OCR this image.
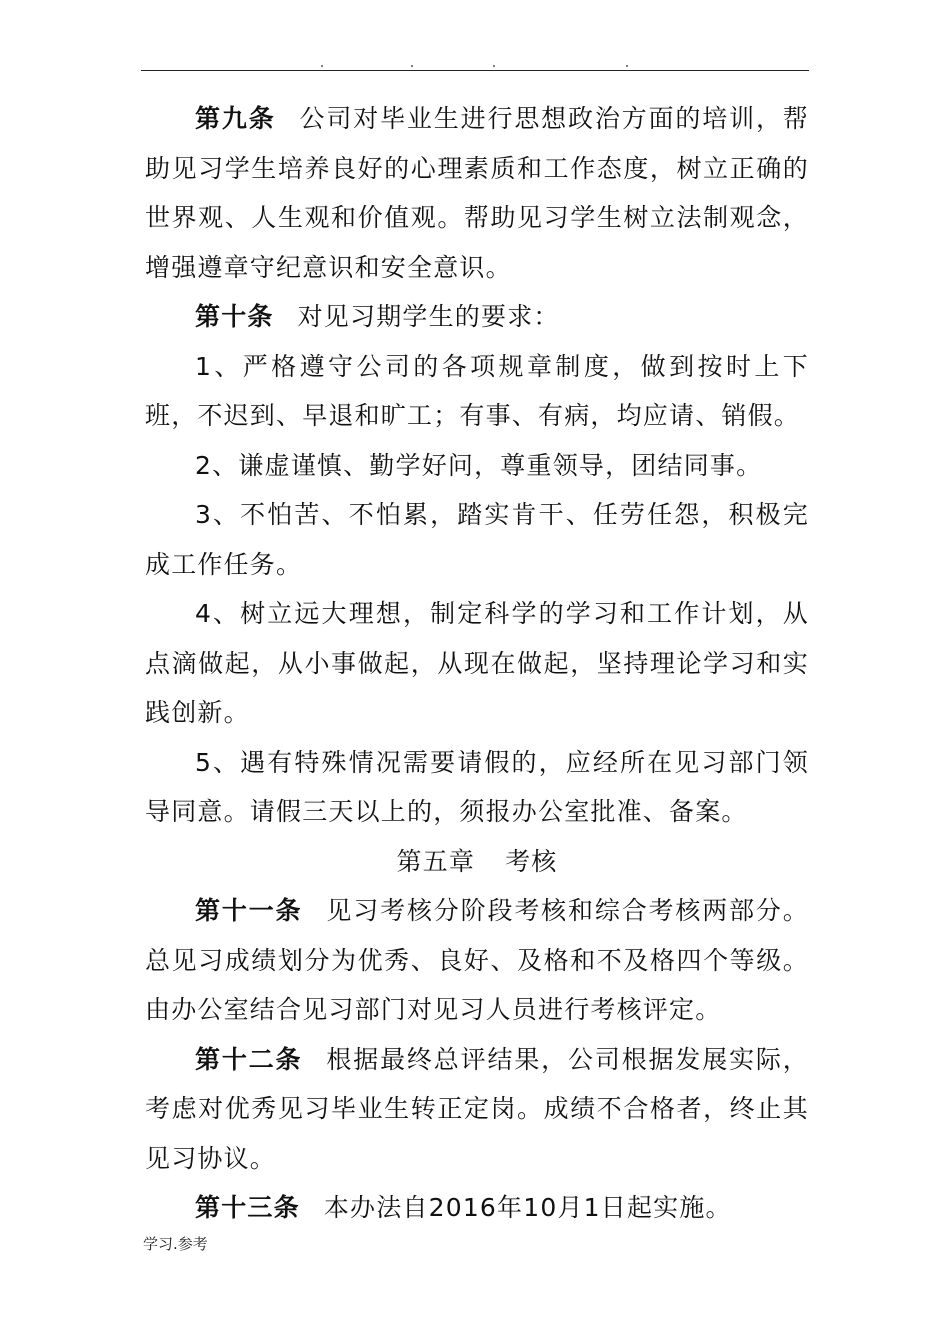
第九条 公司对毕业生进行思想政治方面的培训，帮助见习学生培养良好的心理素质和工作态度，树立正确的世界观、人生观和价值观。帮助见习学生树立法制观念，增强遵章守纪意识和安全意识。

第十条 对见习期学生的要求：

1、严格遵守公司的各项规章制度，做到按时上下班，不迟到、早退和旷工；有事、有病，均应请、销假。

2、谦虚谨慎、勤学好问，尊重领导，团结同事。

3、不怕苦、不怕累，踏实肯干、任劳任怨，积极完成工作任务。

4、树立远大理想，制定科学的学习和工作计划，从点滴做起，从小事做起，从现在做起，坚持理论学习和实践创新。

5、遇有特殊情况需要请假的，应经所在见习部门领导同意。请假三天以上的，须报办公室批准、备案。

第五章 考核

第十一条 见习考核分阶段考核和综合考核两部分。总见习成绩划分为优秀、良好、及格和不及格四个等级。由办公室结合见习部门对见习人员进行考核评定。

第十二条 根据最终总评结果，公司根据发展实际，考虑对优秀见习毕业生转正定岗。成绩不合格者，终止其见习协议。

第十三条 本办法自2016年10月1日起实施。

学习.参考
